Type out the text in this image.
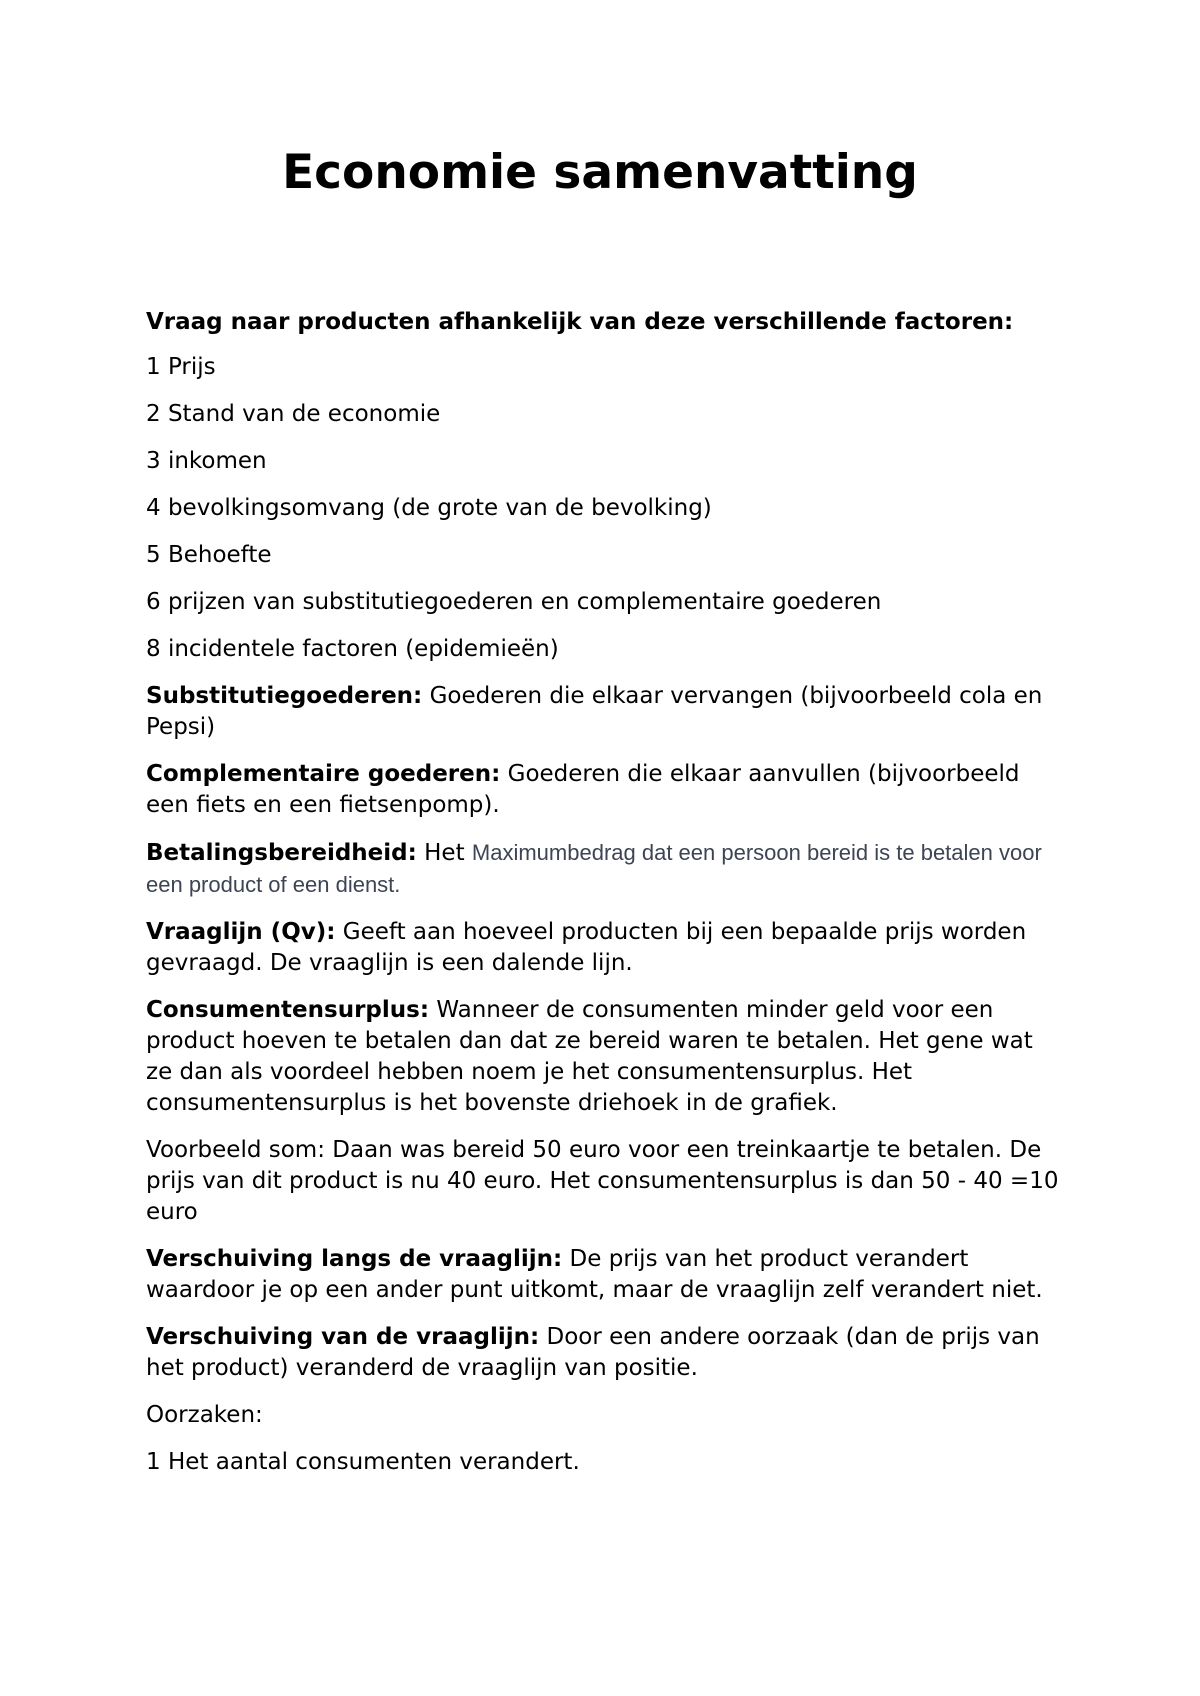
Economie samenvatting

Vraag naar producten afhankelijk van deze verschillende factoren:

1 Prijs

2 Stand van de economie

3 inkomen

4 bevolkingsomvang (de grote van de bevolking)

5 Behoefte

6 prijzen van substitutiegoederen en complementaire goederen

8 incidentele factoren (epidemieën)

Substitutiegoederen: Goederen die elkaar vervangen (bijvoorbeeld cola en Pepsi)

Complementaire goederen: Goederen die elkaar aanvullen (bijvoorbeeld een fiets en een fietsenpomp).

Betalingsbereidheid: Het Maximumbedrag dat een persoon bereid is te betalen voor een product of een dienst.

Vraaglijn (Qv): Geeft aan hoeveel producten bij een bepaalde prijs worden gevraagd. De vraaglijn is een dalende lijn.

Consumentensurplus: Wanneer de consumenten minder geld voor een product hoeven te betalen dan dat ze bereid waren te betalen. Het gene wat ze dan als voordeel hebben noem je het consumentensurplus. Het consumentensurplus is het bovenste driehoek in de grafiek.

Voorbeeld som: Daan was bereid 50 euro voor een treinkaartje te betalen. De prijs van dit product is nu 40 euro. Het consumentensurplus is dan 50 - 40 =10 euro

Verschuiving langs de vraaglijn: De prijs van het product verandert waardoor je op een ander punt uitkomt, maar de vraaglijn zelf verandert niet.

Verschuiving van de vraaglijn: Door een andere oorzaak (dan de prijs van het product) veranderd de vraaglijn van positie.

Oorzaken:

1 Het aantal consumenten verandert.
